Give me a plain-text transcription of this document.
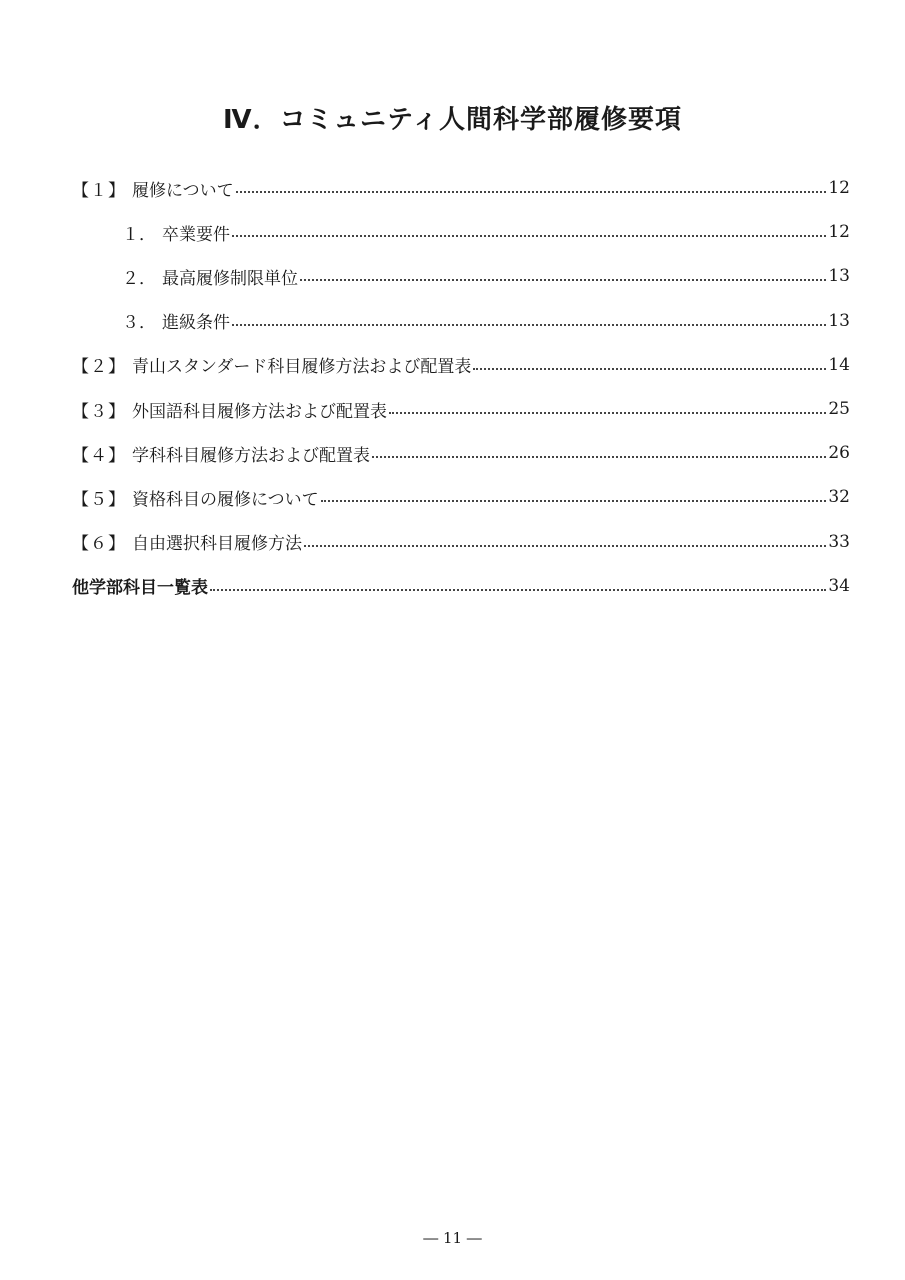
Ⅳ．コミュニティ人間科学部履修要項
【１】 履修について	12
１． 卒業要件	12
２． 最高履修制限単位	13
３． 進級条件	13
【２】 青山スタンダード科目履修方法および配置表	14
【３】 外国語科目履修方法および配置表	25
【４】 学科科目履修方法および配置表	26
【５】 資格科目の履修について	32
【６】 自由選択科目履修方法	33
他学部科目一覧表	34
― 11 ―
